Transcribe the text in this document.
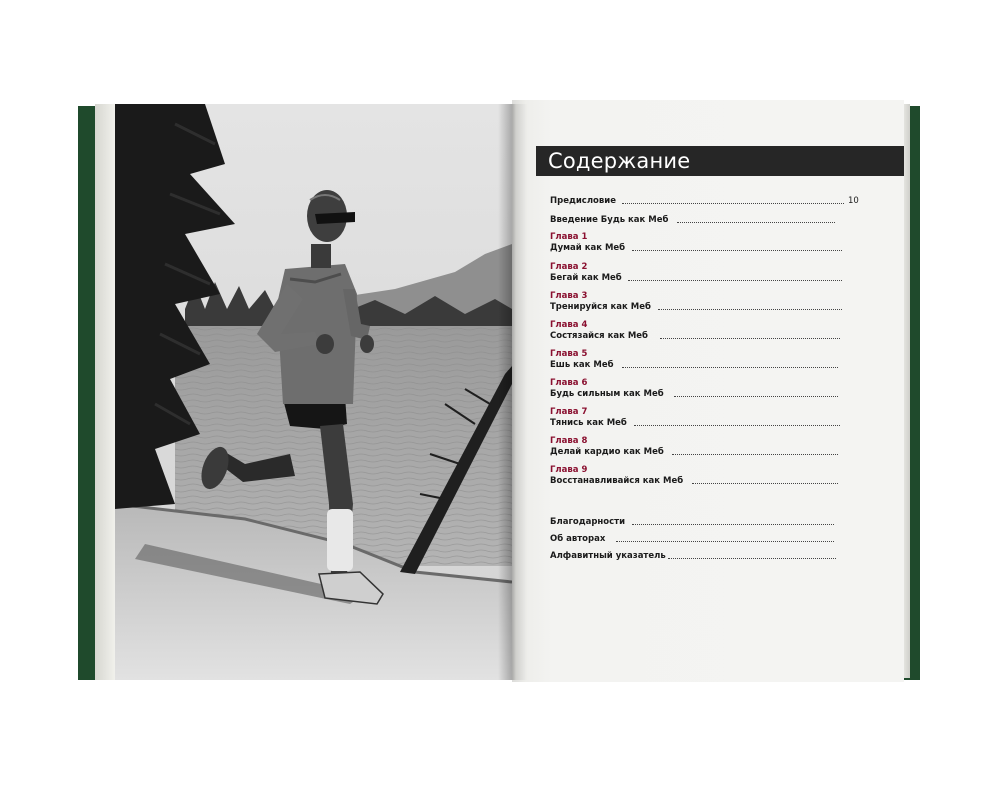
Содержание
Предисловие	10
Введение Будь как Меб
Глава 1
Думай как Меб
Глава 2
Бегай как Меб
Глава 3
Тренируйся как Меб
Глава 4
Состязайся как Меб
Глава 5
Ешь как Меб
Глава 6
Будь сильным как Меб
Глава 7
Тянись как Меб
Глава 8
Делай кардио как Меб
Глава 9
Восстанавливайся как Меб
Благодарности
Об авторах
Алфавитный указатель
